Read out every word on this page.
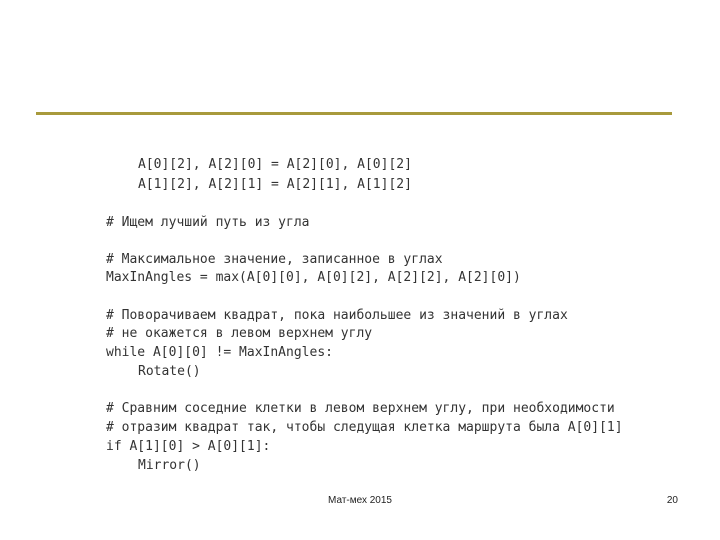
A[0][2], A[2][0] = A[2][0], A[0][2]
A[1][2], A[2][1] = A[2][1], A[1][2]
# Ищем лучший путь из угла
# Максимальное значение, записанное в углах
MaxInAngles = max(A[0][0], A[0][2], A[2][2], A[2][0])
# Поворачиваем квадрат, пока наибольшее из значений в углах
# не окажется в левом верхнем углу
while A[0][0] != MaxInAngles:
Rotate()
# Сравним соседние клетки в левом верхнем углу, при необходимости
# отразим квадрат так, чтобы следущая клетка маршрута была A[0][1]
if A[1][0] > A[0][1]:
Mirror()
Мат-мех 2015	20
